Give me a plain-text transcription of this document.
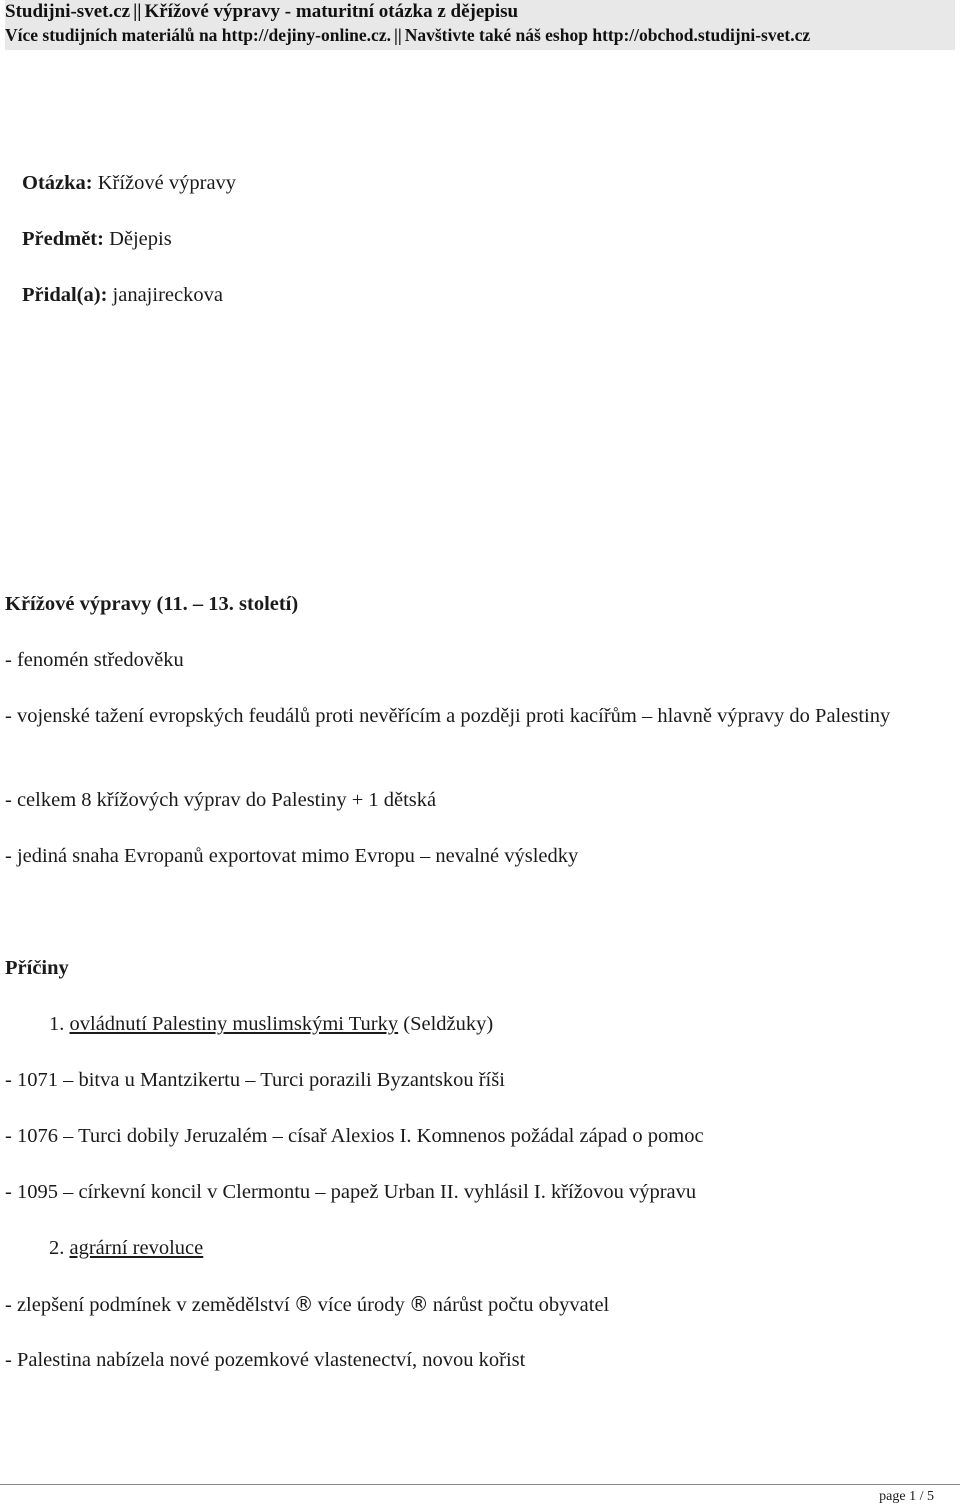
Studijni-svet.cz || Křížové výpravy - maturitní otázka z dějepisu
Více studijních materiálů na http://dejiny-online.cz. || Navštivte také náš eshop http://obchod.studijni-svet.cz
Otázka: Křížové výpravy
Předmět: Dějepis
Přidal(a): janajireckova
Křížové výpravy (11. – 13. století)
- fenomén středověku
- vojenské tažení evropských feudálů proti nevěřícím a později proti kacířům – hlavně výpravy do Palestiny
- celkem 8 křížových výprav do Palestiny + 1 dětská
- jediná snaha Evropanů exportovat mimo Evropu – nevalné výsledky
Příčiny
1. ovládnutí Palestiny muslimskými Turky (Seldžuky)
- 1071 – bitva u Mantzikertu – Turci porazili Byzantskou říši
- 1076 – Turci dobily Jeruzalém – císař Alexios I. Komnenos požádal západ o pomoc
- 1095 – církevní koncil v Clermontu – papež Urban II. vyhlásil I. křížovou výpravu
2. agrární revoluce
- zlepšení podmínek v zemědělství ® více úrody ® nárůst počtu obyvatel
- Palestina nabízela nové pozemkové vlastenectví, novou kořist
page 1 / 5
